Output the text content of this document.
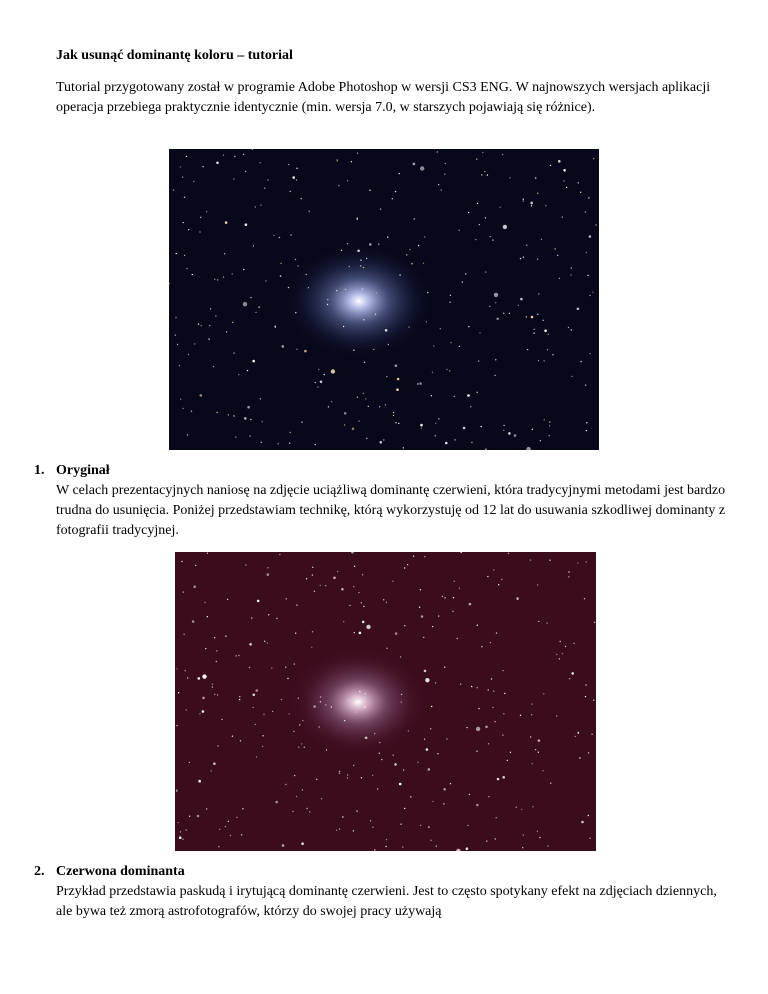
Jak usunąć dominantę koloru – tutorial
Tutorial przygotowany został w programie Adobe Photoshop w wersji CS3 ENG. W najnowszych wersjach aplikacji operacja przebiega praktycznie identycznie (min. wersja 7.0, w starszych pojawiają się różnice).
1. Oryginał
W celach prezentacyjnych naniosę na zdjęcie uciążliwą dominantę czerwieni, która tradycyjnymi metodami jest bardzo trudna do usunięcia. Poniżej przedstawiam technikę, którą wykorzystuję od 12 lat do usuwania szkodliwej dominanty z fotografii tradycyjnej.
2. Czerwona dominanta
Przykład przedstawia paskudą i irytującą dominantę czerwieni. Jest to często spotykany efekt na zdjęciach dziennych, ale bywa też zmorą astrofotografów, którzy do swojej pracy używają
